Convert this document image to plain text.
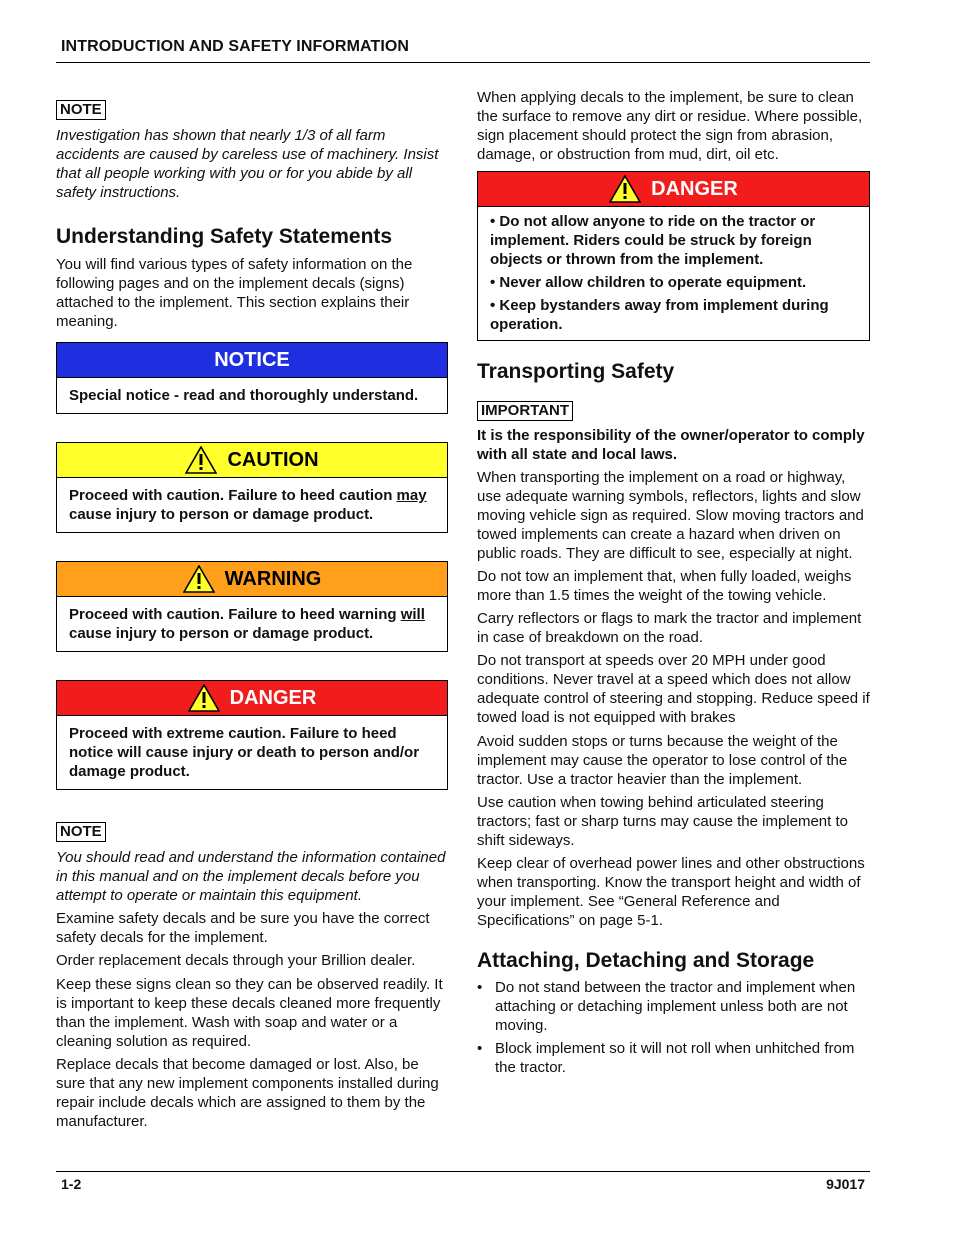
INTRODUCTION AND SAFETY INFORMATION
NOTE
Investigation has shown that nearly 1/3 of all farm accidents are caused by careless use of machinery. Insist that all people working with you or for you abide by all safety instructions.
Understanding Safety Statements

You will find various types of safety information on the following pages and on the implement decals (signs) attached to the implement. This section explains their meaning.

NOTICE

Special notice - read and thoroughly understand.

CAUTION

Proceed with caution. Failure to heed caution may cause injury to person or damage product.

WARNING

Proceed with caution. Failure to heed warning will cause injury to person or damage product.

DANGER

Proceed with extreme caution. Failure to heed notice will cause injury or death to person and/or damage product.

NOTE
You should read and understand the information contained in this manual and on the implement decals before you attempt to operate or maintain this equipment.

Examine safety decals and be sure you have the correct safety decals for the implement.

Order replacement decals through your Brillion dealer.

Keep these signs clean so they can be observed readily. It is important to keep these decals cleaned more frequently than the implement. Wash with soap and water or a cleaning solution as required.

Replace decals that become damaged or lost. Also, be sure that any new implement components installed during repair include decals which are assigned to them by the manufacturer.

When applying decals to the implement, be sure to clean the surface to remove any dirt or residue. Where possible, sign placement should protect the sign from abrasion, damage, or obstruction from mud, dirt, oil etc.

DANGER

• Do not allow anyone to ride on the tractor or implement. Riders could be struck by foreign objects or thrown from the implement.

• Never allow children to operate equipment.

• Keep bystanders away from implement during operation.

Transporting Safety
IMPORTANT

It is the responsibility of the owner/operator to comply with all state and local laws.

When transporting the implement on a road or highway, use adequate warning symbols, reflectors, lights and slow moving vehicle sign as required. Slow moving tractors and towed implements can create a hazard when driven on public roads. They are difficult to see, especially at night.

Do not tow an implement that, when fully loaded, weighs more than 1.5 times the weight of the towing vehicle.

Carry reflectors or flags to mark the tractor and implement in case of breakdown on the road.

Do not transport at speeds over 20 MPH under good conditions. Never travel at a speed which does not allow adequate control of steering and stopping. Reduce speed if towed load is not equipped with brakes

Avoid sudden stops or turns because the weight of the implement may cause the operator to lose control of the tractor. Use a tractor heavier than the implement.

Use caution when towing behind articulated steering tractors; fast or sharp turns may cause the implement to shift sideways.

Keep clear of overhead power lines and other obstructions when transporting. Know the transport height and width of your implement. See “General Reference and Specifications” on page 5-1.

Attaching, Detaching and Storage
• Do not stand between the tractor and implement when attaching or detaching implement unless both are not moving.
• Block implement so it will not roll when unhitched from the tractor.
1-2	9J017
